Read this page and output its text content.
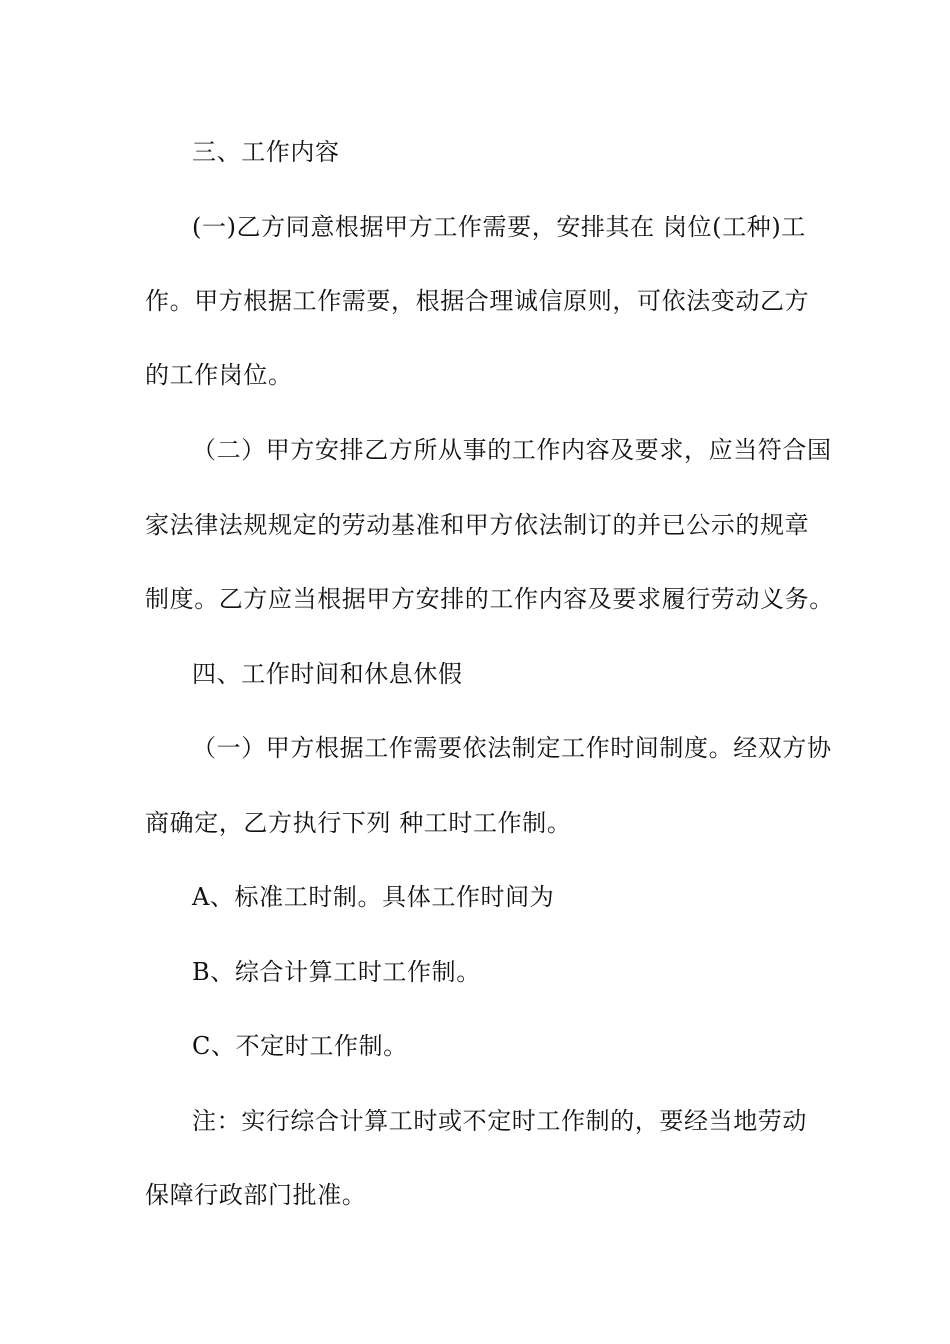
三、工作内容
(一)乙方同意根据甲方工作需要，安排其在 岗位(工种)工
作。甲方根据工作需要，根据合理诚信原则，可依法变动乙方
的工作岗位。
（二）甲方安排乙方所从事的工作内容及要求，应当符合国
家法律法规规定的劳动基准和甲方依法制订的并已公示的规章
制度。乙方应当根据甲方安排的工作内容及要求履行劳动义务。
四、工作时间和休息休假
（一）甲方根据工作需要依法制定工作时间制度。经双方协
商确定，乙方执行下列 种工时工作制。
A、标准工时制。具体工作时间为
B、综合计算工时工作制。
C、不定时工作制。
注：实行综合计算工时或不定时工作制的，要经当地劳动
保障行政部门批准。
